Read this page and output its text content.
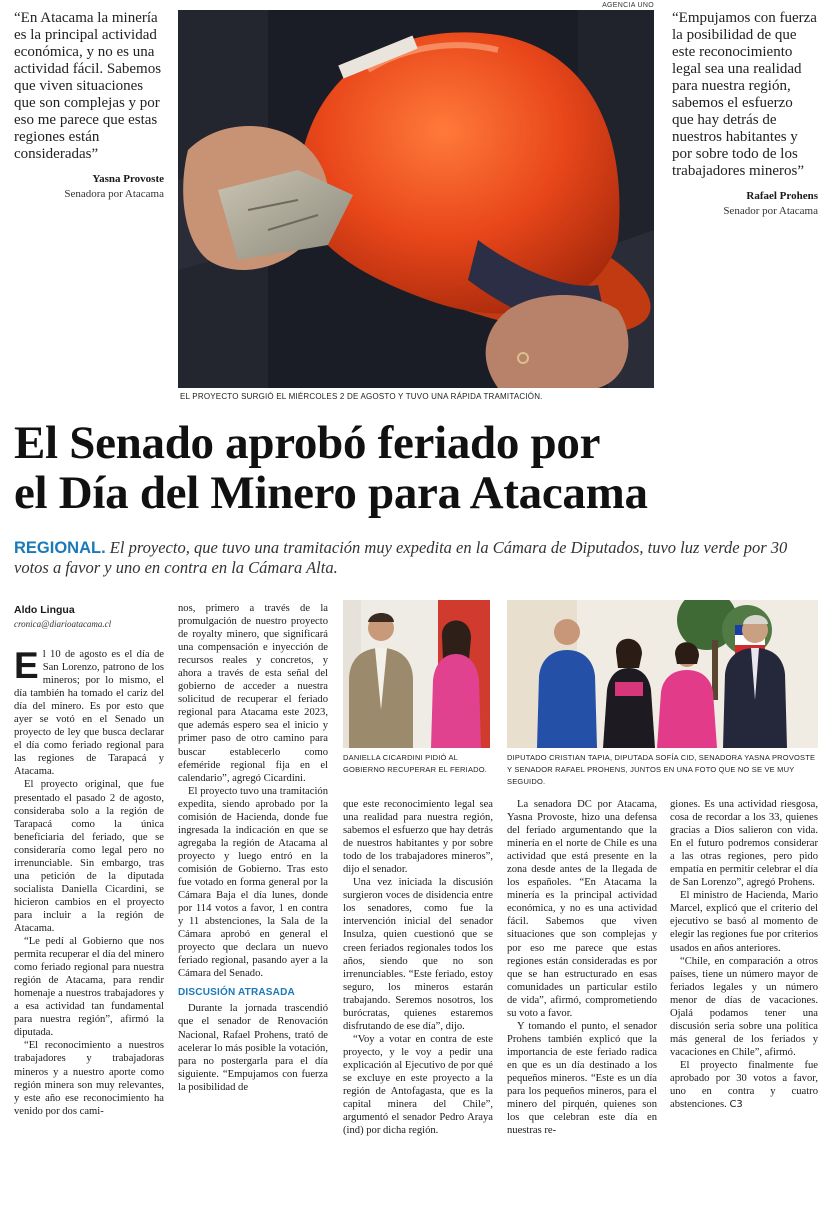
“En Atacama la minería es la principal actividad económica, y no es una actividad fácil. Sabemos que viven situaciones que son complejas y por eso me parece que estas regiones están consideradas”
Yasna Provoste
Senadora por Atacama
AGENCIA UNO
“Empujamos con fuerza la posibilidad de que este reconocimiento legal sea una realidad para nuestra región, sabemos el esfuerzo que hay detrás de nuestros habitantes y por sobre todo de los trabajadores mineros”
Rafael Prohens
Senador por Atacama
EL PROYECTO SURGIÓ EL MIÉRCOLES 2 DE AGOSTO Y TUVO UNA RÁPIDA TRAMITACIÓN.
El Senado aprobó feriado por
el Día del Minero para Atacama
REGIONAL. El proyecto, que tuvo una tramitación muy expedita en la Cámara de Diputados, tuvo luz verde por 30 votos a favor y uno en contra en la Cámara Alta.
Aldo Lingua
cronica@diarioatacama.cl

El 10 de agosto es el día de San Lorenzo, patrono de los mineros; por lo mismo, el día también ha tomado el cariz del día del minero. Es por esto que ayer se votó en el Senado un proyecto de ley que busca declarar el día como feriado regional para las regiones de Tarapacá y Atacama.

El proyecto original, que fue presentado el pasado 2 de agosto, consideraba solo a la región de Tarapacá como la única beneficiaria del feriado, que se consideraría como legal pero no irrenunciable. Sin embargo, tras una petición de la diputada socialista Daniella Cicardini, se hicieron cambios en el proyecto para incluir a la región de Atacama.

“Le pedí al Gobierno que nos permita recuperar el día del minero como feriado regional para nuestra región de Atacama, para rendir homenaje a nuestros trabajadores y a esa actividad tan fundamental para nuestra región”, afirmó la diputada.

“El reconocimiento a nuestros trabajadores y trabajadoras mineros y a nuestro aporte como región minera son muy relevantes, y este año ese reconocimiento ha venido por dos cami-

nos, primero a través de la promulgación de nuestro proyecto de royalty minero, que significará una compensación e inyección de recursos reales y concretos, y ahora a través de esta señal del gobierno de acceder a nuestra solicitud de recuperar el feriado regional para Atacama este 2023, que además espero sea el inicio y primer paso de otro camino para buscar establecerlo como efeméride regional fija en el calendario”, agregó Cicardini.

El proyecto tuvo una tramitación expedita, siendo aprobado por la comisión de Hacienda, donde fue ingresada la indicación en que se agregaba la región de Atacama al proyecto y luego entró en la comisión de Gobierno. Tras esto fue votado en forma general por la Cámara Baja el día lunes, donde por 114 votos a favor, 1 en contra y 11 abstenciones, la Sala de la Cámara aprobó en general el proyecto que declara un nuevo feriado regional, pasando ayer a la Cámara del Senado.

DISCUSIÓN ATRASADA

Durante la jornada trascendió que el senador de Renovación Nacional, Rafael Prohens, trató de acelerar lo más posible la votación, para no postergarla para el día siguiente. “Empujamos con fuerza la posibilidad de

DANIELLA CICARDINI PIDIÓ AL GOBIERNO RECUPERAR EL FERIADO.
DIPUTADO CRISTIAN TAPIA, DIPUTADA SOFÍA CID, SENADORA YASNA PROVOSTE Y SENADOR RAFAEL PROHENS, JUNTOS EN UNA FOTO QUE NO SE VE MUY SEGUIDO.

que este reconocimiento legal sea una realidad para nuestra región, sabemos el esfuerzo que hay detrás de nuestros habitantes y por sobre todo de los trabajadores mineros”, dijo el senador.

Una vez iniciada la discusión surgieron voces de disidencia entre los senadores, como fue la intervención inicial del senador Insulza, quien cuestionó que se creen feriados regionales todos los años, siendo que no son irrenunciables. “Este feriado, estoy seguro, los mineros estarán trabajando. Seremos nosotros, los burócratas, quienes estaremos disfrutando de ese día”, dijo.

“Voy a votar en contra de este proyecto, y le voy a pedir una explicación al Ejecutivo de por qué se excluye en este proyecto a la región de Antofagasta, que es la capital minera del Chile”, argumentó el senador Pedro Araya (ind) por dicha región.

La senadora DC por Atacama, Yasna Provoste, hizo una defensa del feriado argumentando que la minería en el norte de Chile es una actividad que está presente en la zona desde antes de la llegada de los españoles. “En Atacama la minería es la principal actividad económica, y no es una actividad fácil. Sabemos que viven situaciones que son complejas y por eso me parece que estas regiones están consideradas es por que se han estructurado en esas comunidades un particular estilo de vida”, afirmó, comprometiendo su voto a favor.

Y tomando el punto, el senador Prohens también explicó que la importancia de este feriado radica en que es un día destinado a los pequeños mineros. “Este es un día para los pequeños mineros, para el minero del pirquén, quienes son los que celebran este día en nuestras re-

giones. Es una actividad riesgosa, cosa de recordar a los 33, quienes gracias a Dios salieron con vida. En el futuro podremos considerar a las otras regiones, pero pido empatía en permitir celebrar el día de San Lorenzo”, agregó Prohens.

El ministro de Hacienda, Mario Marcel, explicó que el criterio del ejecutivo se basó al momento de elegir las regiones fue por criterios usados en años anteriores.

“Chile, en comparación a otros países, tiene un número mayor de feriados legales y un número menor de días de vacaciones. Ojalá podamos tener una discusión seria sobre una política más general de los feriados y vacaciones en Chile”, afirmó.

El proyecto finalmente fue aprobado por 30 votos a favor, uno en contra y cuatro abstenciones. C3
